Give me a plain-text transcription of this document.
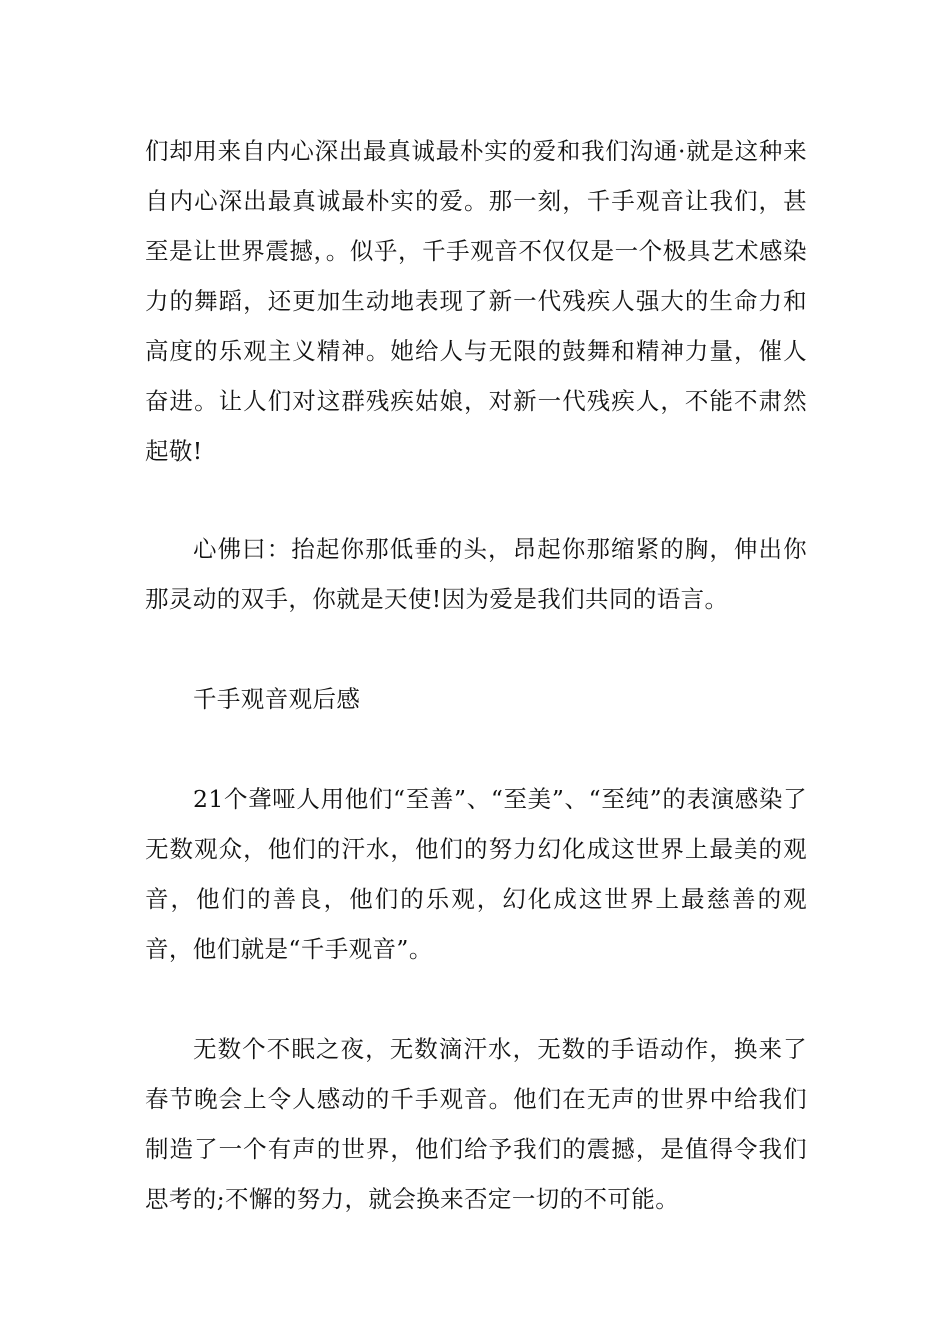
们却用来自内心深出最真诚最朴实的爱和我们沟通·就是这种来自内心深出最真诚最朴实的爱。那一刻，千手观音让我们，甚至是让世界震撼，。似乎，千手观音不仅仅是一个极具艺术感染力的舞蹈，还更加生动地表现了新一代残疾人强大的生命力和高度的乐观主义精神。她给人与无限的鼓舞和精神力量，催人奋进。让人们对这群残疾姑娘，对新一代残疾人，不能不肃然起敬!

心佛曰：抬起你那低垂的头，昂起你那缩紧的胸，伸出你那灵动的双手，你就是天使!因为爱是我们共同的语言。

千手观音观后感

21个聋哑人用他们“至善”、“至美”、“至纯”的表演感染了无数观众，他们的汗水，他们的努力幻化成这世界上最美的观音，他们的善良，他们的乐观，幻化成这世界上最慈善的观音，他们就是“千手观音”。

无数个不眠之夜，无数滴汗水，无数的手语动作，换来了春节晚会上令人感动的千手观音。他们在无声的世界中给我们制造了一个有声的世界，他们给予我们的震撼，是值得令我们思考的;不懈的努力，就会换来否定一切的不可能。
